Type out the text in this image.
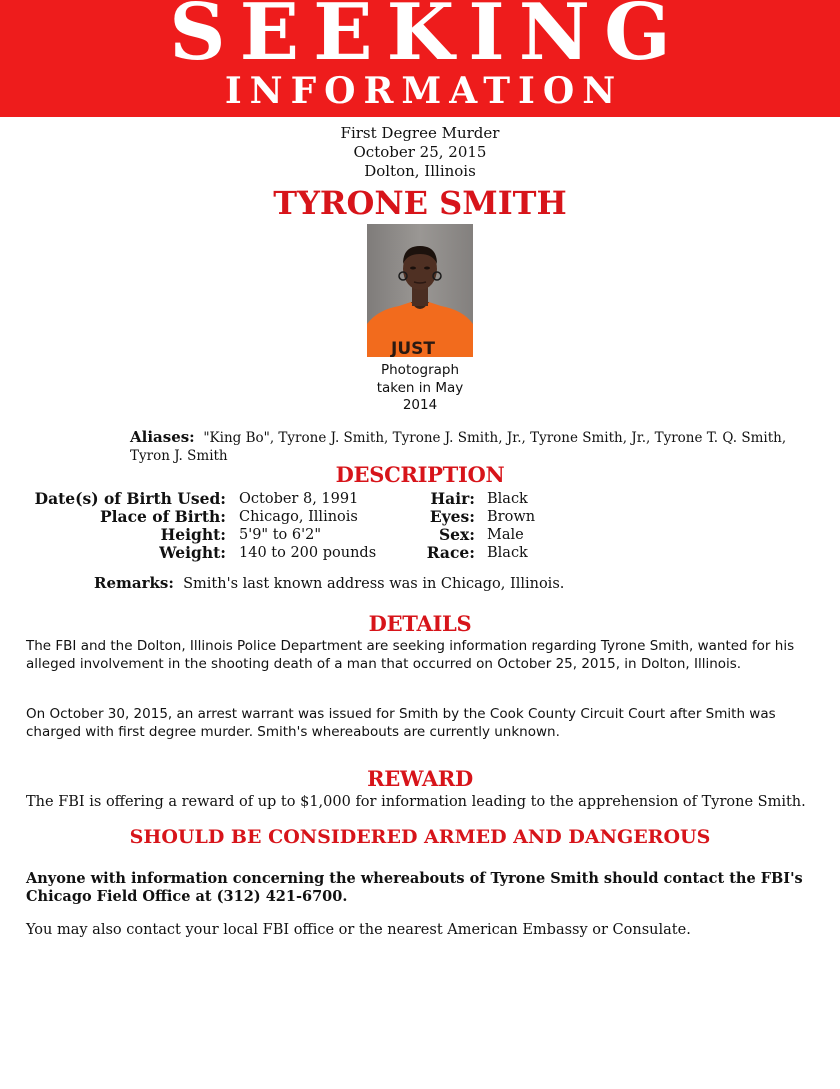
SEEKING
INFORMATION
First Degree Murder
October 25, 2015
Dolton, Illinois
TYRONE SMITH
JUST
Photograph
taken in May
2014
Aliases: "King Bo", Tyrone J. Smith, Tyrone J. Smith, Jr., Tyrone Smith, Jr., Tyrone T. Q. Smith, Tyron J. Smith
DESCRIPTION
Date(s) of Birth Used:
Place of Birth:
Height:
Weight:
October 8, 1991
Chicago, Illinois
5'9" to 6'2"
140 to 200 pounds
Hair:
Eyes:
Sex:
Race:
Black
Brown
Male
Black
Remarks: Smith's last known address was in Chicago, Illinois.
DETAILS
The FBI and the Dolton, Illinois Police Department are seeking information regarding Tyrone Smith, wanted for his alleged involvement in the shooting death of a man that occurred on October 25, 2015, in Dolton, Illinois.
On October 30, 2015, an arrest warrant was issued for Smith by the Cook County Circuit Court after Smith was charged with first degree murder. Smith's whereabouts are currently unknown.
REWARD
The FBI is offering a reward of up to $1,000 for information leading to the apprehension of Tyrone Smith.
SHOULD BE CONSIDERED ARMED AND DANGEROUS
Anyone with information concerning the whereabouts of Tyrone Smith should contact the FBI's Chicago Field Office at (312) 421-6700.
You may also contact your local FBI office or the nearest American Embassy or Consulate.
